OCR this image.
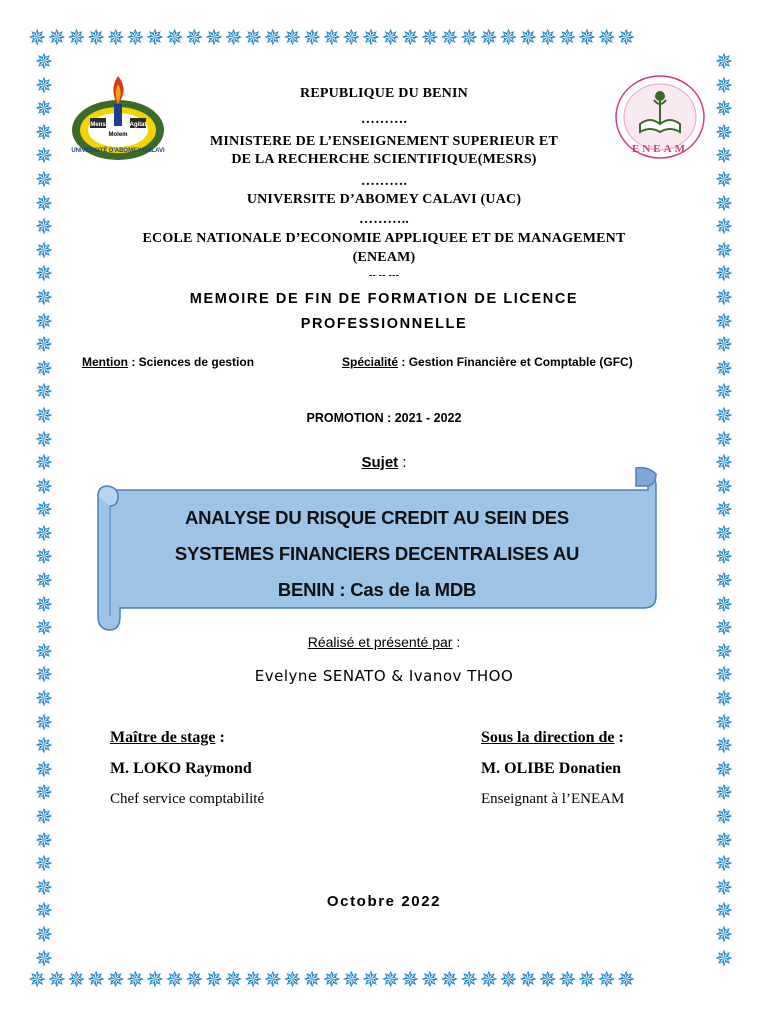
✵✵✵✵✵✵✵✵✵✵✵✵✵✵✵✵✵✵✵✵✵✵✵✵✵✵✵✵✵✵✵
✵✵✵✵✵✵✵✵✵✵✵✵✵✵✵✵✵✵✵✵✵✵✵✵✵✵✵✵✵✵✵
✵
✵
✵
✵
✵
✵
✵
✵
✵
✵
✵
✵
✵
✵
✵
✵
✵
✵
✵
✵
✵
✵
✵
✵
✵
✵
✵
✵
✵
✵
✵
✵
✵
✵
✵
✵
✵
✵
✵
✵
✵
✵
✵
✵
✵
✵
✵
✵
✵
✵
✵
✵
✵
✵
✵
✵
✵
✵
✵
✵
✵
✵
✵
✵
✵
✵
✵
✵
✵
✵
✵
✵
✵
✵
✵
✵
✵
✵
Mens	Agitat
Molem
UNIVERSITÉ D'ABOMEY-CALAVI	ENEAM
REPUBLIQUE DU BENIN
……….
MINISTERE DE L’ENSEIGNEMENT SUPERIEUR ET
DE LA RECHERCHE SCIENTIFIQUE(MESRS)
……….
UNIVERSITE D’ABOMEY CALAVI (UAC)
………..
ECOLE NATIONALE D’ECONOMIE APPLIQUEE ET DE MANAGEMENT
(ENEAM)
-- -- ---
MEMOIRE DE FIN DE FORMATION DE LICENCE
PROFESSIONNELLE
Mention : Sciences de gestion	Spécialité : Gestion Financière et Comptable (GFC)
PROMOTION : 2021 - 2022
Sujet :
ANALYSE DU RISQUE CREDIT AU SEIN DES
SYSTEMES FINANCIERS DECENTRALISES AU
BENIN : Cas de la MDB
Réalisé et présenté par :
Evelyne SENATO & Ivanov THOO
Maître de stage :
M. LOKO Raymond
Chef service comptabilité
Sous la direction de :
M. OLIBE Donatien
Enseignant à l’ENEAM
Octobre 2022
